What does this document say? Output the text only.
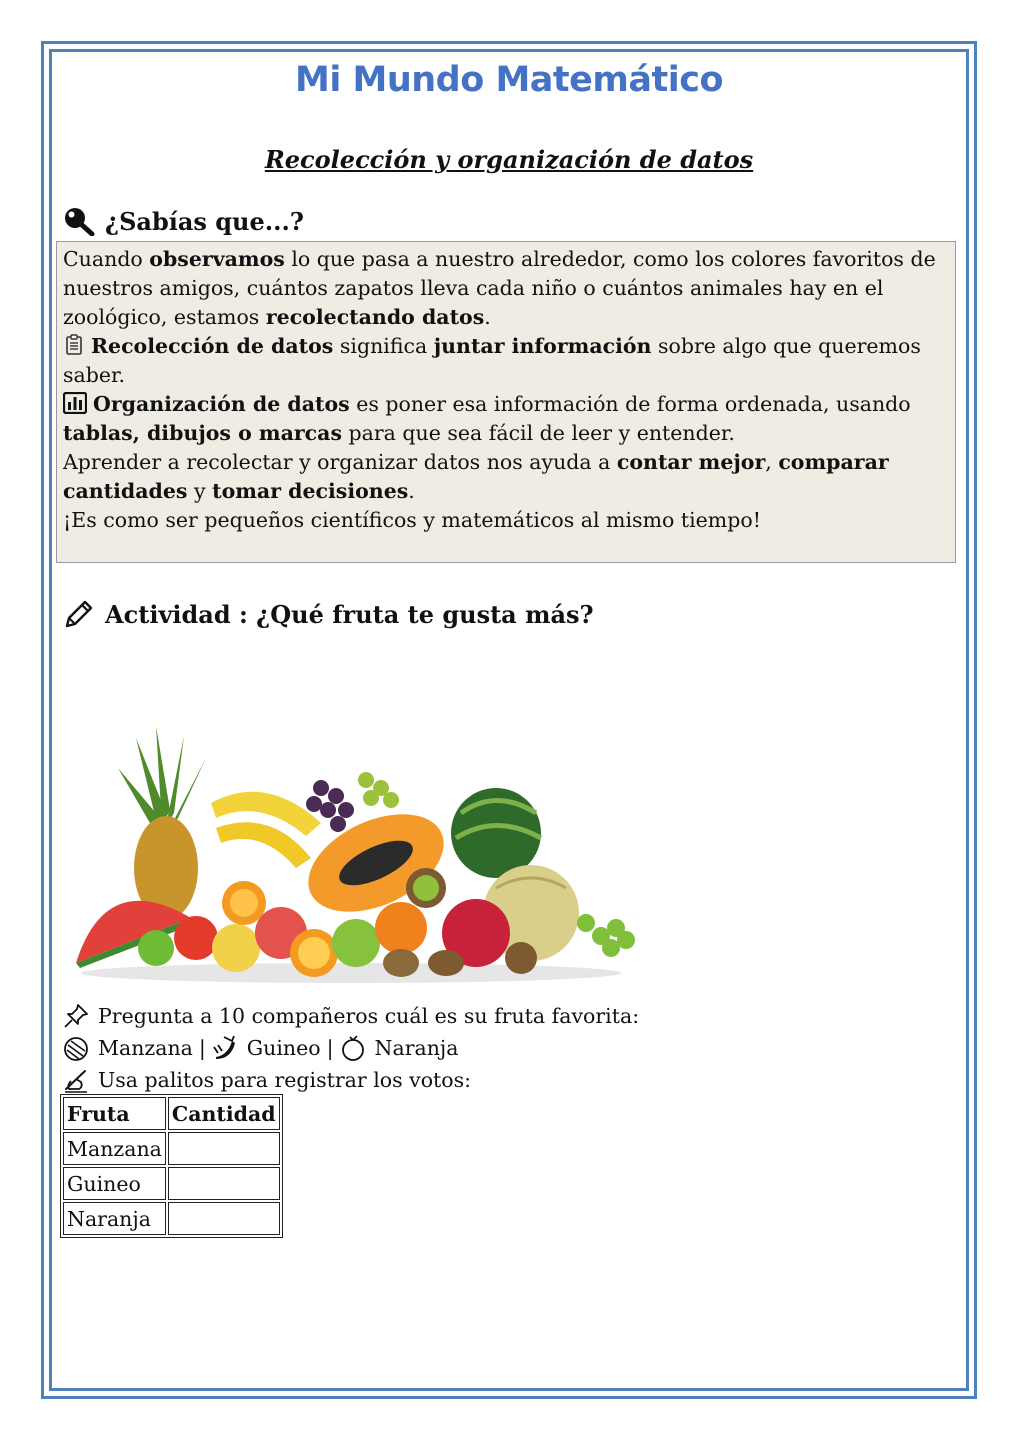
Mi Mundo Matemático
Recolección y organización de datos
¿Sabías que...?

Cuando observamos lo que pasa a nuestro alrededor, como los colores favoritos de nuestros amigos, cuántos zapatos lleva cada niño o cuántos animales hay en el zoológico, estamos recolectando datos.

Recolección de datos significa juntar información sobre algo que queremos saber.

Organización de datos es poner esa información de forma ordenada, usando tablas, dibujos o marcas para que sea fácil de leer y entender.

Aprender a recolectar y organizar datos nos ayuda a contar mejor, comparar cantidades y tomar decisiones.

¡Es como ser pequeños científicos y matemáticos al mismo tiempo!

Actividad : ¿Qué fruta te gusta más?
Pregunta a 10 compañeros cuál es su fruta favorita:
Manzana | Guineo | Naranja
Usa palitos para registrar los votos:
Fruta	Cantidad
Manzana	
Guineo	
Naranja	
